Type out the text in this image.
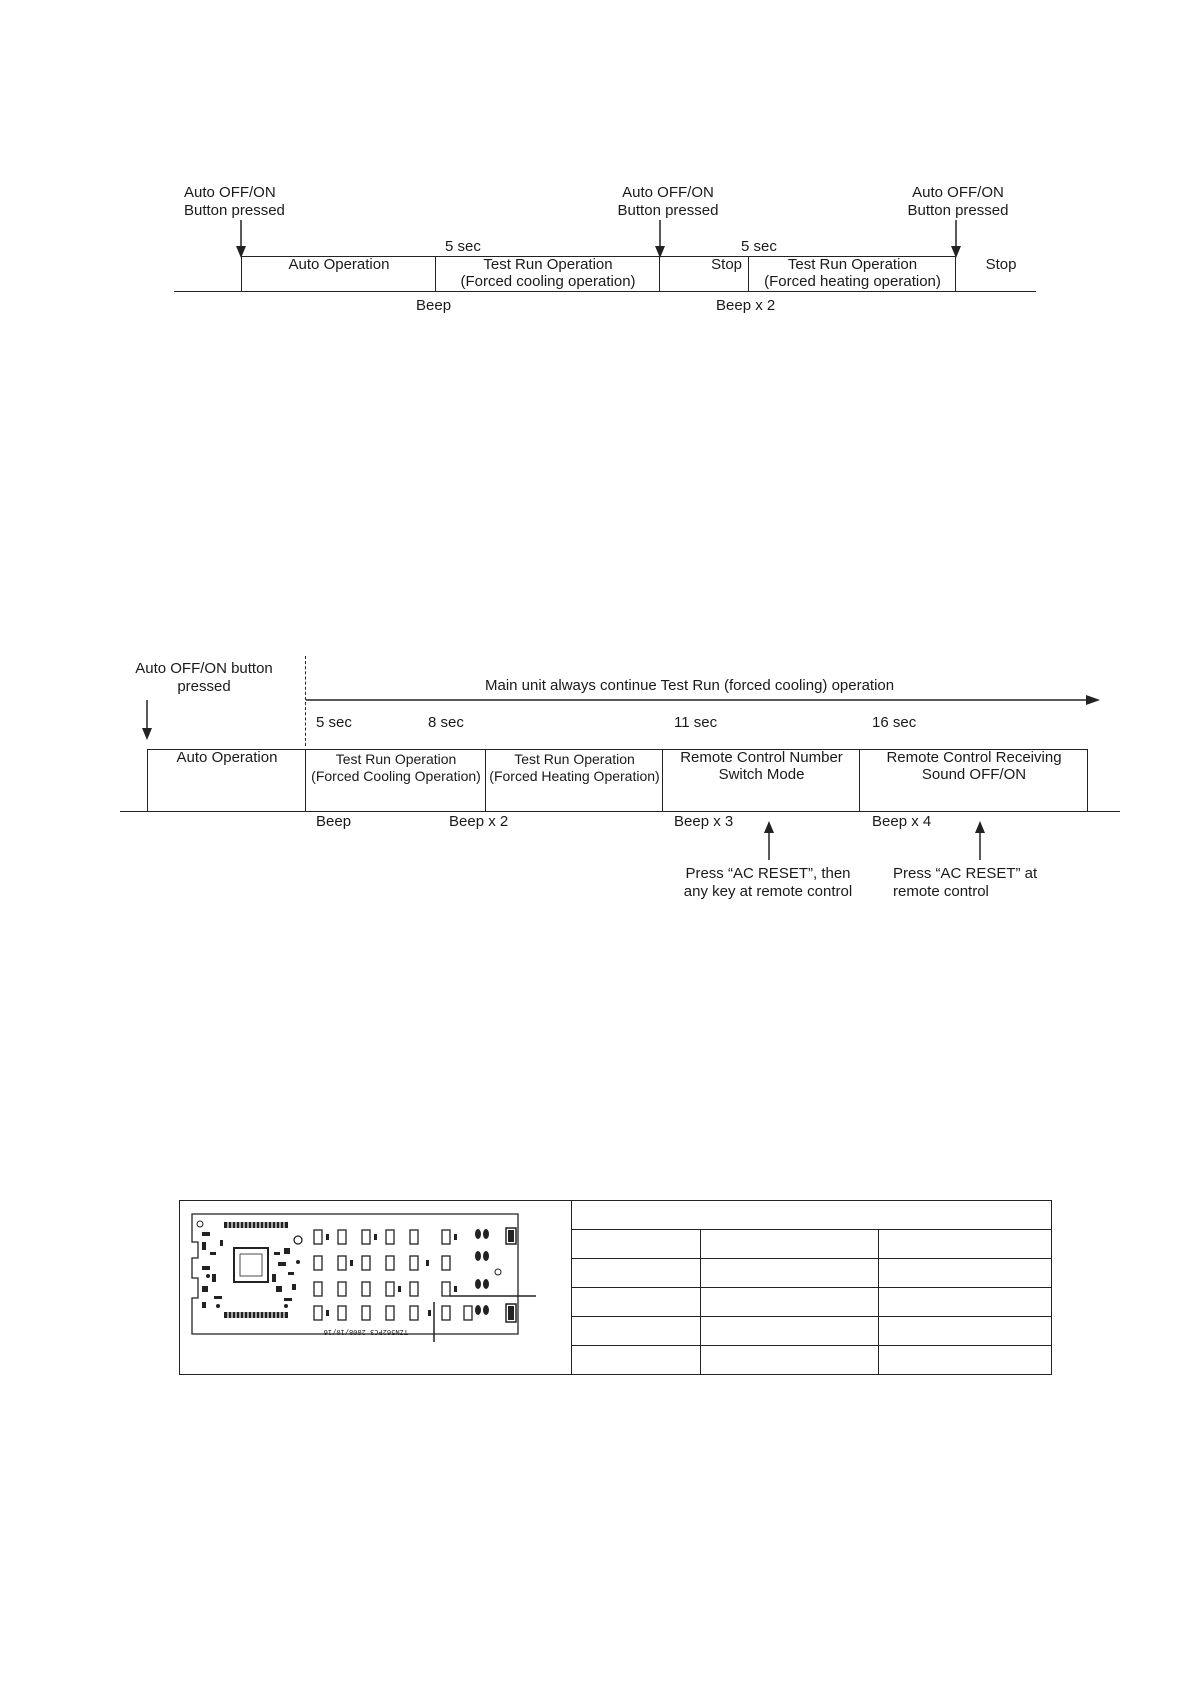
Auto OFF/ON
Button pressed
Auto OFF/ON
Button pressed
Auto OFF/ON
Button pressed
5 sec	5 sec
Auto Operation	Test Run Operation
(Forced cooling operation)
Stop	Test Run Operation
(Forced heating operation)
Stop
Beep	Beep x 2
Auto OFF/ON button
pressed	Main unit always continue Test Run (forced cooling) operation
5 sec	8 sec	11 sec	16 sec
Auto Operation	Test Run Operation
(Forced Cooling Operation)
Test Run Operation
(Forced Heating Operation)
Remote Control Number
Switch Mode
Remote Control Receiving
Sound OFF/ON
Beep	Beep x 2	Beep x 3	Beep x 4
Press “AC RESET”, then
any key at remote control
Press “AC RESET” at
remote control
TZN562PC3 2008/10/16
